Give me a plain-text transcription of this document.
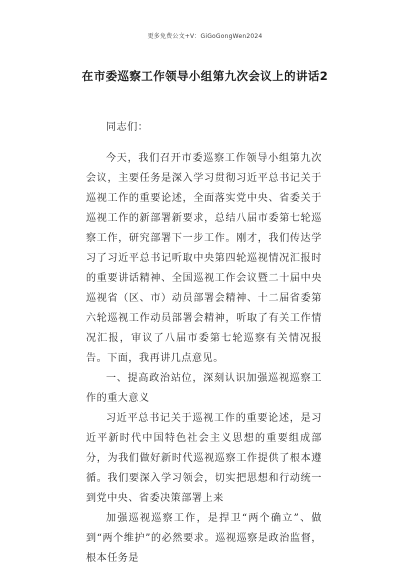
更多免费公文+V：GiGoGongWen2024
在市委巡察工作领导小组第九次会议上的讲话2

同志们：

今天，我们召开市委巡察工作领导小组第九次会议，主要任务是深入学习贯彻习近平总书记关于巡视工作的重要论述，全面落实党中央、省委关于巡视工作的新部署新要求，总结八届市委第七轮巡察工作，研究部署下一步工作。刚才，我们传达学习了习近平总书记听取中央第四轮巡视情况汇报时的重要讲话精神、全国巡视工作会议暨二十届中央巡视省（区、市）动员部署会精神、十二届省委第六轮巡视工作动员部署会精神，听取了有关工作情况汇报，审议了八届市委第七轮巡察有关情况报告。下面，我再讲几点意见。

一、提高政治站位，深刻认识加强巡视巡察工作的重大意义

习近平总书记关于巡视工作的重要论述，是习近平新时代中国特色社会主义思想的重要组成部分，为我们做好新时代巡视巡察工作提供了根本遵循。我们要深入学习领会，切实把思想和行动统一到党中央、省委决策部署上来

加强巡视巡察工作，是捍卫“两个确立”、做到“两个维护”的必然要求。巡视巡察是政治监督，根本任务是
